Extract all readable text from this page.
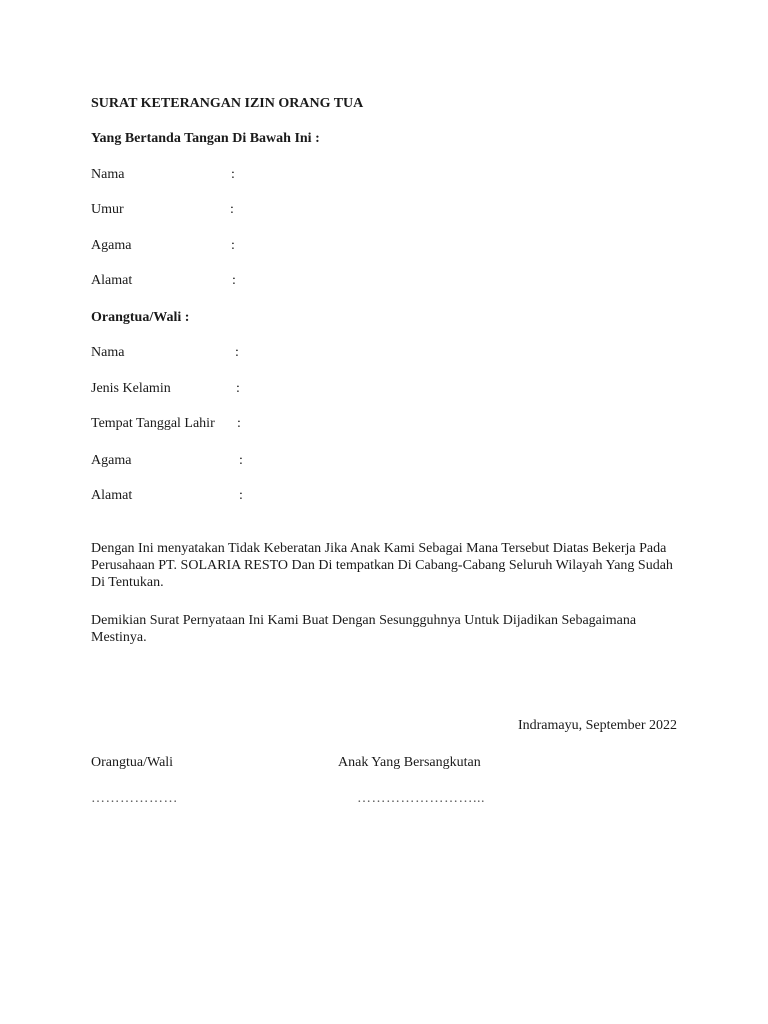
SURAT KETERANGAN IZIN ORANG TUA
Yang Bertanda Tangan Di Bawah Ini :
Nama	:
Umur	:
Agama	:
Alamat	:
Orangtua/Wali :
Nama	:
Jenis Kelamin	:
Tempat Tanggal Lahir :
Agama	:
Alamat	:
Dengan Ini menyatakan Tidak Keberatan Jika Anak Kami Sebagai Mana Tersebut Diatas Bekerja Pada Perusahaan PT. SOLARIA RESTO Dan Di tempatkan Di Cabang-Cabang Seluruh Wilayah Yang Sudah Di Tentukan.
Demikian Surat Pernyataan Ini Kami Buat Dengan Sesungguhnya Untuk Dijadikan Sebagaimana Mestinya.
Indramayu, September 2022
Orangtua/Wali	Anak Yang Bersangkutan
………………	……………………...
